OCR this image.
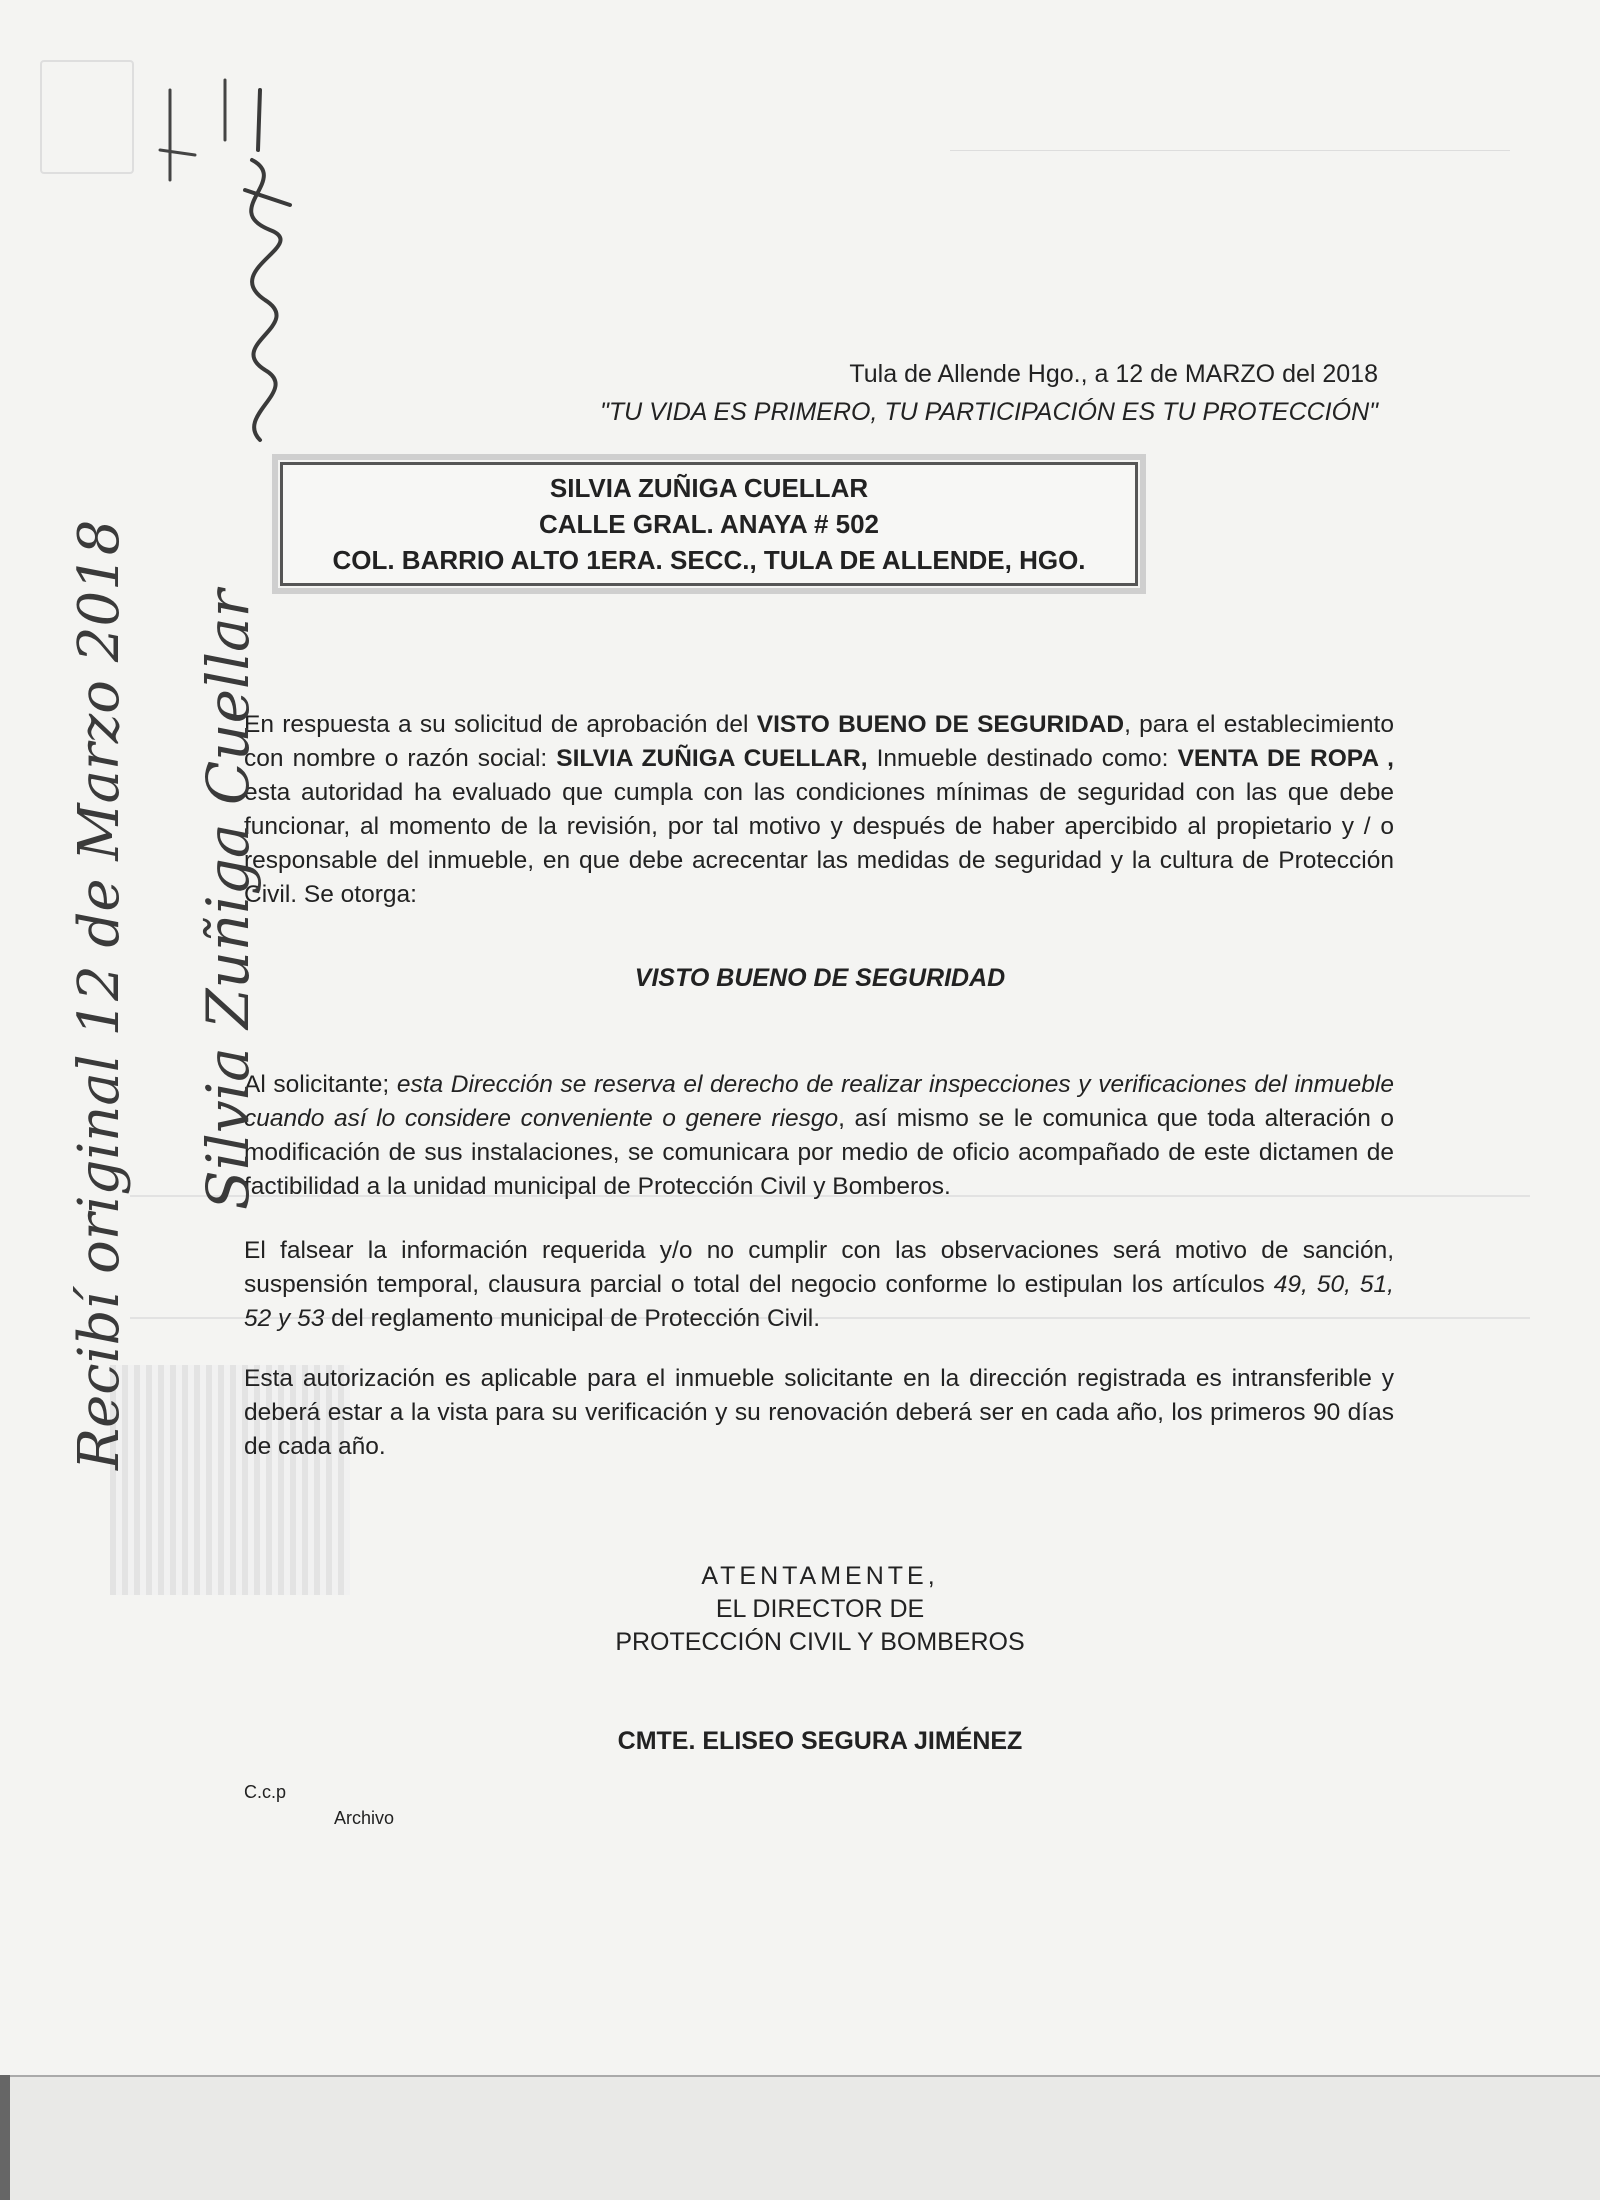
Tula de Allende Hgo., a 12 de MARZO del 2018
"TU VIDA ES PRIMERO, TU PARTICIPACIÓN ES TU PROTECCIÓN"
SILVIA ZUÑIGA CUELLAR
CALLE GRAL. ANAYA # 502
COL. BARRIO ALTO 1ERA. SECC., TULA DE ALLENDE, HGO.
En respuesta a su solicitud de aprobación del VISTO BUENO DE SEGURIDAD, para el establecimiento con nombre o razón social: SILVIA ZUÑIGA CUELLAR, Inmueble destinado como: VENTA DE ROPA , esta autoridad ha evaluado que cumpla con las condiciones mínimas de seguridad con las que debe funcionar, al momento de la revisión, por tal motivo y después de haber apercibido al propietario y / o responsable del inmueble, en que debe acrecentar las medidas de seguridad y la cultura de Protección Civil. Se otorga:
VISTO BUENO DE SEGURIDAD
Al solicitante; esta Dirección se reserva el derecho de realizar inspecciones y verificaciones del inmueble cuando así lo considere conveniente o genere riesgo, así mismo se le comunica que toda alteración o modificación de sus instalaciones, se comunicara por medio de oficio acompañado de este dictamen de factibilidad a la unidad municipal de Protección Civil y Bomberos.
El falsear la información requerida y/o no cumplir con las observaciones será motivo de sanción, suspensión temporal, clausura parcial o total del negocio conforme lo estipulan los artículos 49, 50, 51, 52 y 53 del reglamento municipal de Protección Civil.
Esta autorización es aplicable para el inmueble solicitante en la dirección registrada es intransferible y deberá estar a la vista para su verificación y su renovación deberá ser en cada año, los primeros 90 días de cada año.
ATENTAMENTE,
EL DIRECTOR DE
PROTECCIÓN CIVIL Y BOMBEROS
CMTE. ELISEO SEGURA JIMÉNEZ
C.c.p
Archivo
Recibí original 12 de Marzo 2018 Silvia Zuñiga Cuellar
